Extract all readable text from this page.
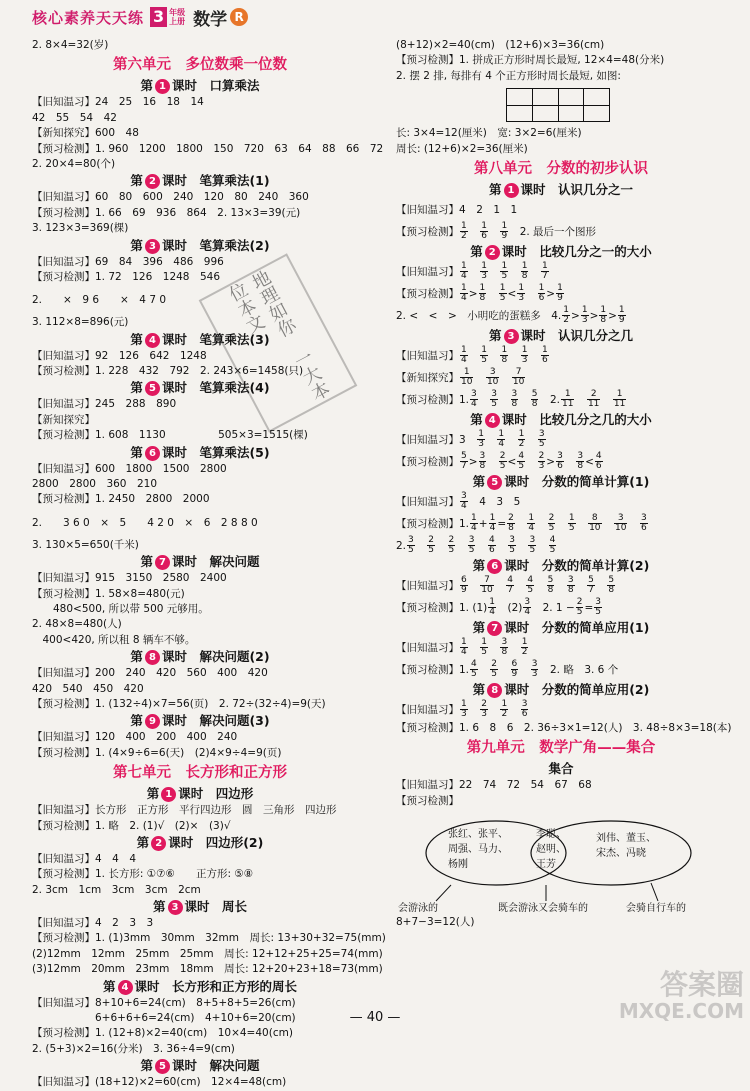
核心素养天天练 3 年级上册 数学 R
2. 8×4=32(岁)
第六单元　多位数乘一位数
第 1 课时　口算乘法
【旧知温习】24　25　16　18　14
42　55　54　42　
【新知探究】600　48
【预习检测】1. 960　1200　1800　150　720　63　64　88　66　72
2. 20×4=80(个)
第 2 课时　笔算乘法(1)
【旧知温习】60　80　600　240　120　80　240　360　
【预习检测】1. 66　69　936　864　2. 13×3=39(元)
3. 123×3=369(棵)
第 3 课时　笔算乘法(2)
【旧知温习】69　84　396　486　996
【预习检测】1. 72　126　1248　546
2.　　×　9 6　　×　4 7 0
3. 112×8=896(元)
第 4 课时　笔算乘法(3)
【旧知温习】92　126　642　1248
【预习检测】1. 228　432　792　2. 243×6=1458(只)
第 5 课时　笔算乘法(4)
【旧知温习】245　288　890　
【新知探究】
【预习检测】1. 608　1130　　　　　505×3=1515(棵)
第 6 课时　笔算乘法(5)
【旧知温习】600　1800　1500　2800　
2800　2800　360　210
【预习检测】1. 2450　2800　2000
2.　　3 6 0　×　5　　4 2 0　×　6　2 8 8 0
3. 130×5=650(千米)
第 7 课时　解决问题
【旧知温习】915　3150　2580　2400
【预习检测】1. 58×8=480(元)
　　480<500, 所以带 500 元够用。
2. 48×8=480(人)
　400<420, 所以租 8 辆车不够。
第 8 课时　解决问题(2)
【旧知温习】200　240　420　560　400　420　
420　540　450　420
【预习检测】1. (132÷4)×7=56(页)　2. 72÷(32÷4)=9(天)
第 9 课时　解决问题(3)
【旧知温习】120　400　200　400　240
【预习检测】1. (4×9÷6=6(天)　(2)4×9÷4=9(页)
第七单元　长方形和正方形
第 1 课时　四边形
【旧知温习】长方形　正方形　平行四边形　圆　三角形　四边形
【预习检测】1. 略　2. (1)√　(2)×　(3)√
第 2 课时　四边形(2)
【旧知温习】4　4　4
【预习检测】1. 长方形: ①⑦⑥　　正方形: ⑤⑧
2. 3cm　1cm　3cm　3cm　2cm
第 3 课时　周长
【旧知温习】4　2　3　3
【预习检测】1. (1)3mm　30mm　32mm　周长: 13+30+32=75(mm)
(2)12mm　12mm　25mm　25mm　周长: 12+12+25+25=74(mm)
(3)12mm　20mm　23mm　18mm　周长: 12+20+23+18=73(mm)
第 4 课时　长方形和正方形的周长
【旧知温习】8+10+6=24(cm)　8+5+8+5=26(cm)
　　　　　　6+6+6+6=24(cm)　4+10+6=20(cm)
【预习检测】1. (12+8)×2=40(cm)　10×4=40(cm)
2. (5+3)×2=16(分米)　3. 36÷4=9(cm)
第 5 课时　解决问题
【旧知温习】(18+12)×2=60(cm)　12×4=48(cm)
(8+12)×2=40(cm)　(12+6)×3=36(cm)
【预习检测】1. 拼成正方形时周长最短, 12×4=48(分米)
2. 摆 2 排, 每排有 4 个正方形时周长最短, 如图:
长: 3×4=12(厘米)　宽: 3×2=6(厘米)
周长: (12+6)×2=36(厘米)
第八单元　分数的初步认识
第 1 课时　认识几分之一
【旧知温习】4　2　1　1
【预习检测】 $\frac{1}{2}$
　 $\frac{1}{6}$
　 $\frac{1}{9}$ 　2. 最后一个图形
第 2 课时　比较几分之一的大小
【旧知温习】 $\frac{1}{4}$
　 $\frac{1}{3}$
　 $\frac{1}{5}$
　 $\frac{1}{8}$
　 $\frac{1}{7}$
【预习检测】 $\frac{1}{4} > \frac{1}{8}$
　 $\frac{1}{5} < \frac{1}{3}$
　 $\frac{1}{6} > \frac{1}{9}$
2. <　<　>　小明吃的蛋糕多　4. $\frac{1}{2} > \frac{1}{3} > \frac{1}{8} > \frac{1}{9}$
第 3 课时　认识几分之几
【旧知温习】 $\frac{1}{4}$
　 $\frac{1}{5}$
　 $\frac{1}{8}$
　 $\frac{1}{3}$
　 $\frac{1}{6}$
【新知探究】 $\frac{1}{10}$
　 $\frac{3}{10}$
　 $\frac{7}{10}$
【预习检测】1. $\frac{3}{4}$
　 $\frac{3}{5}$
　 $\frac{3}{8}$
　 $\frac{5}{8}$ 　2. $\frac{1}{11}$
　 $\frac{2}{11}$
　 $\frac{1}{11}$
第 4 课时　比较几分之几的大小
【旧知温习】3　 $\frac{1}{3}$
　 $\frac{1}{4}$
　 $\frac{1}{2}$
　 $\frac{3}{5}$
【预习检测】 $\frac{5}{7} > \frac{3}{8}$
　 $\frac{2}{5} < \frac{4}{5}$
　 $\frac{2}{3} > \frac{3}{6}$
　 $\frac{3}{8} < \frac{4}{6}$
第 5 课时　分数的简单计算(1)
【旧知温习】 $\frac{3}{4}$ 　4　3　5
【预习检测】1. $\frac{1}{4} + \frac{1}{4} = \frac{2}{8}$
　 $\frac{1}{4}$
　 $\frac{2}{5}$
　 $\frac{1}{5}$
　 $\frac{8}{10}$
　 $\frac{3}{10}$
　 $\frac{3}{6}$
2. $\frac{3}{5}$
　 $\frac{2}{5}$
　 $\frac{2}{5}$
　 $\frac{3}{5}$
　 $\frac{4}{6}$
　 $\frac{3}{5}$
　 $\frac{3}{5}$
　 $\frac{4}{5}$
第 6 课时　分数的简单计算(2)
【旧知温习】 $\frac{6}{9}$
　 $\frac{7}{10}$
　 $\frac{4}{7}$
　 $\frac{4}{5}$
　 $\frac{5}{8}$
　 $\frac{3}{8}$
　 $\frac{5}{7}$
　 $\frac{5}{8}$
【预习检测】1. $(1) \frac{1}{4}$
　 $(2) \frac{3}{4}$ 　2. $1 - \frac{2}{5} = \frac{3}{5}$
第 7 课时　分数的简单应用(1)
【旧知温习】 $\frac{1}{4}$
　 $\frac{1}{5}$
　 $\frac{3}{8}$
　 $\frac{1}{2}$
【预习检测】1. $\frac{4}{5}$
　 $\frac{2}{5}$
　 $\frac{6}{9}$
　 $\frac{3}{3}$ 　2. 略　3. 6 个
第 8 课时　分数的简单应用(2)
【旧知温习】 $\frac{1}{3}$
　 $\frac{2}{3}$
　 $\frac{1}{2}$
　 $\frac{3}{6}$
【预习检测】1. 6　8　6　2. 36÷3×1=12(人)　3. 48÷8×3=18(本)
第九单元　数学广角——集合
集合
【旧知温习】22　74　72　54　67　68
【预习检测】
张红、张平、
周强、马力、
杨刚
李聪、
赵明、
王芳
刘伟、董玉、
宋杰、冯晓
会游泳的	既会游泳又会骑车的	会骑自行车的
8+7−3=12(人)
地理如你　一大本位本文
答案圈
MXQE.COM
— 40 —
